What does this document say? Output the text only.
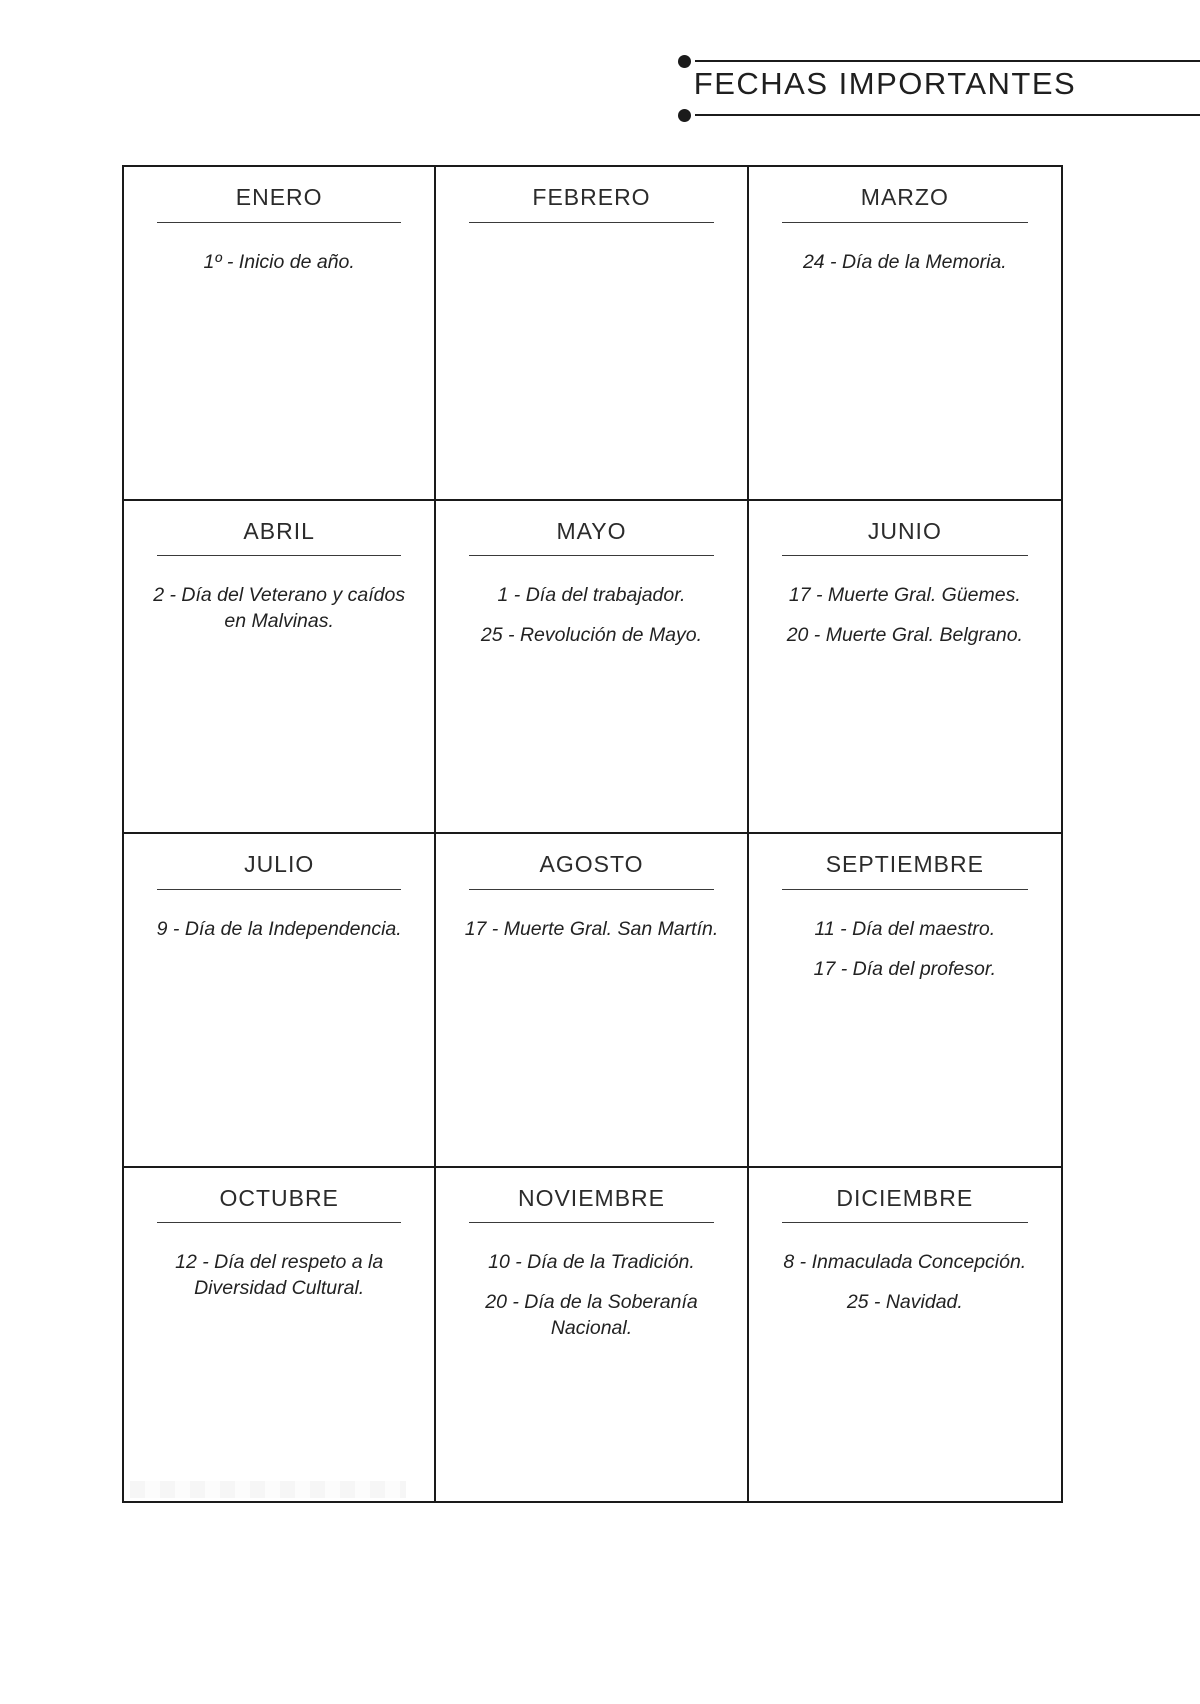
FECHAS IMPORTANTES
ENERO

1º - Inicio de año.

FEBRERO	MARZO

24 - Día de la Memoria.

ABRIL

2 - Día del Veterano y caídos en Malvinas.

MAYO

1 - Día del trabajador.

25 - Revolución de Mayo.

JUNIO

17 - Muerte Gral. Güemes.

20 - Muerte Gral. Belgrano.

JULIO

9 - Día de la Independencia.

AGOSTO

17 - Muerte Gral. San Martín.

SEPTIEMBRE

11 - Día del maestro.

17 - Día del profesor.

OCTUBRE

12 - Día del respeto a la Diversidad Cultural.

NOVIEMBRE

10 - Día de la Tradición.

20 - Día de la Soberanía Nacional.

DICIEMBRE

8 - Inmaculada Concepción.

25 - Navidad.
